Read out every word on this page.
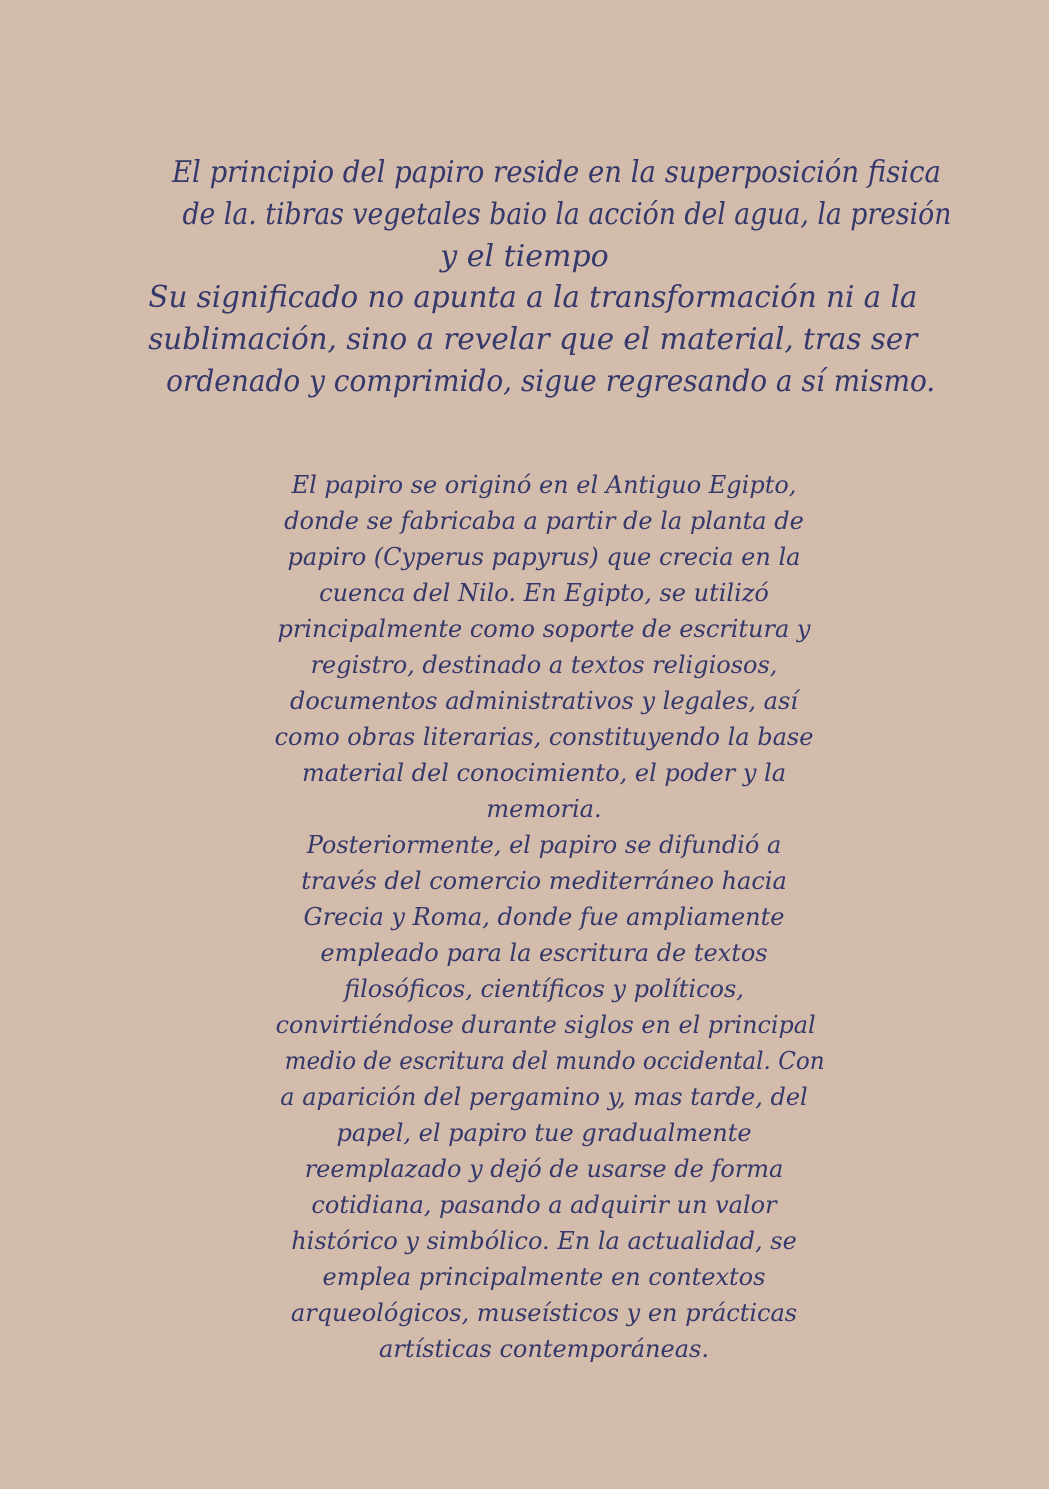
El principio del papiro reside en la superposición fisica
de la. tibras vegetales baio la acción del agua, la presión
y el tiempo
Su significado no apunta a la transformación ni a la
sublimación, sino a revelar que el material, tras ser
ordenado y comprimido, sigue regresando a sí mismo.
El papiro se originó en el Antiguo Egipto,
donde se fabricaba a partir de la planta de
papiro (Cyperus papyrus) que crecia en la
cuenca del Nilo. En Egipto, se utilizó
principalmente como soporte de escritura y
registro, destinado a textos religiosos,
documentos administrativos y legales, así
como obras literarias, constituyendo la base
material del conocimiento, el poder y la
memoria.
Posteriormente, el papiro se difundió a
través del comercio mediterráneo hacia
Grecia y Roma, donde fue ampliamente
empleado para la escritura de textos
filosóficos, científicos y políticos,
convirtiéndose durante siglos en el principal
medio de escritura del mundo occidental. Con
a aparición del pergamino y, mas tarde, del
papel, el papiro tue gradualmente
reemplazado y dejó de usarse de forma
cotidiana, pasando a adquirir un valor
histórico y simbólico. En la actualidad, se
emplea principalmente en contextos
arqueológicos, museísticos y en prácticas
artísticas contemporáneas.
